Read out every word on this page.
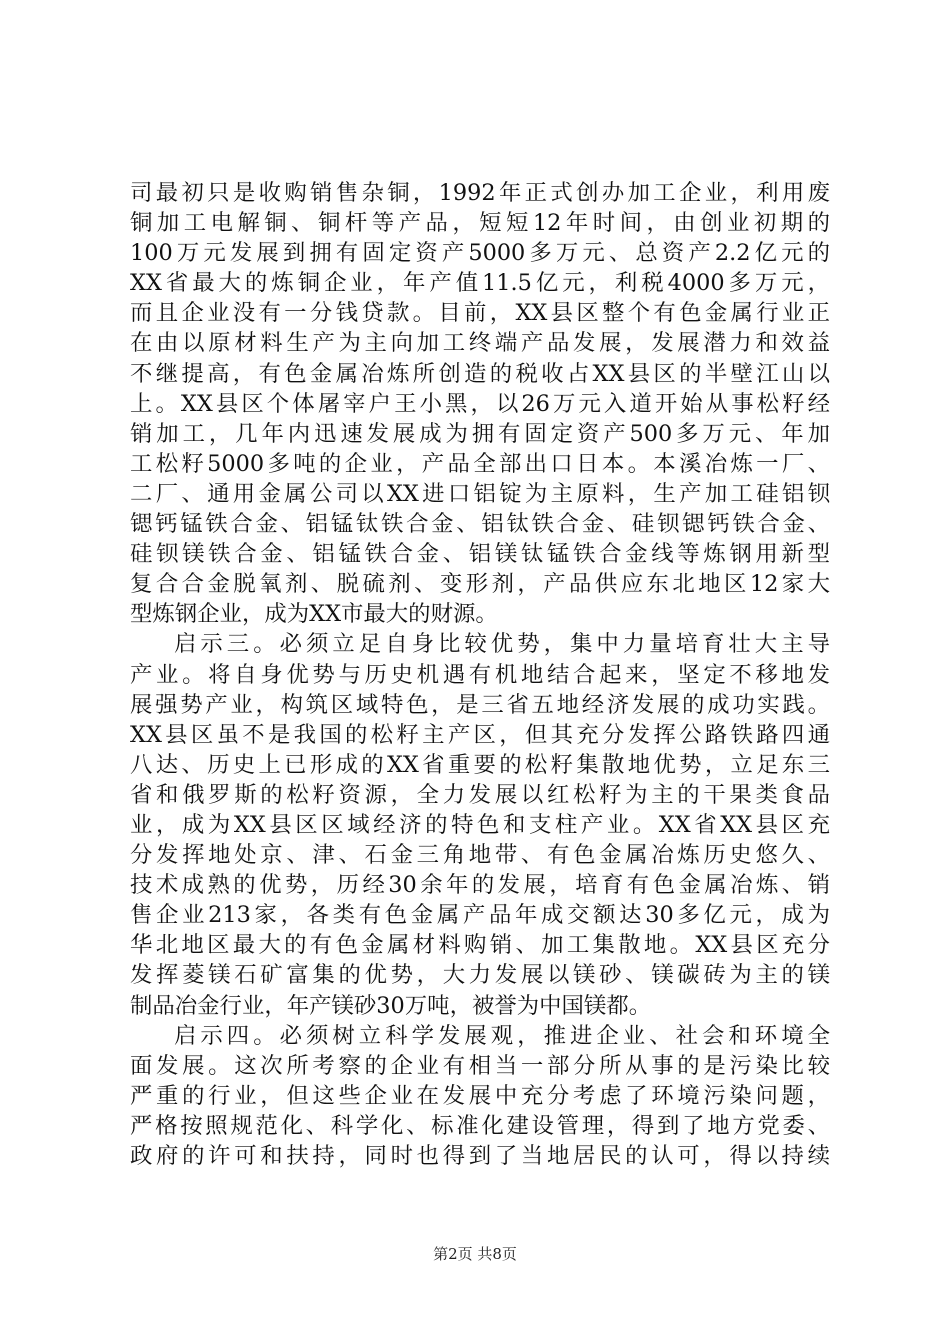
司最初只是收购销售杂铜，1992年正式创办加工企业，利用废
铜加工电解铜、铜杆等产品，短短12年时间，由创业初期的
100万元发展到拥有固定资产5000多万元、总资产2.2亿元的
XX省最大的炼铜企业，年产值11.5亿元，利税4000多万元，
而且企业没有一分钱贷款。目前，XX县区整个有色金属行业正
在由以原材料生产为主向加工终端产品发展，发展潜力和效益
不继提高，有色金属冶炼所创造的税收占XX县区的半壁江山以
上。XX县区个体屠宰户王小黑，以26万元入道开始从事松籽经
销加工，几年内迅速发展成为拥有固定资产500多万元、年加
工松籽5000多吨的企业，产品全部出口日本。本溪冶炼一厂、
二厂、通用金属公司以XX进口铝锭为主原料，生产加工硅铝钡
锶钙锰铁合金、铝锰钛铁合金、铝钛铁合金、硅钡锶钙铁合金、
硅钡镁铁合金、铝锰铁合金、铝镁钛锰铁合金线等炼钢用新型
复合合金脱氧剂、脱硫剂、变形剂，产品供应东北地区12家大
型炼钢企业，成为XX市最大的财源。
启示三。必须立足自身比较优势，集中力量培育壮大主导
产业。将自身优势与历史机遇有机地结合起来，坚定不移地发
展强势产业，构筑区域特色，是三省五地经济发展的成功实践。
XX县区虽不是我国的松籽主产区，但其充分发挥公路铁路四通
八达、历史上已形成的XX省重要的松籽集散地优势，立足东三
省和俄罗斯的松籽资源，全力发展以红松籽为主的干果类食品
业，成为XX县区区域经济的特色和支柱产业。XX省XX县区充
分发挥地处京、津、石金三角地带、有色金属冶炼历史悠久、
技术成熟的优势，历经30余年的发展，培育有色金属冶炼、销
售企业213家，各类有色金属产品年成交额达30多亿元，成为
华北地区最大的有色金属材料购销、加工集散地。XX县区充分
发挥菱镁石矿富集的优势，大力发展以镁砂、镁碳砖为主的镁
制品冶金行业，年产镁砂30万吨，被誉为中国镁都。
启示四。必须树立科学发展观，推进企业、社会和环境全
面发展。这次所考察的企业有相当一部分所从事的是污染比较
严重的行业，但这些企业在发展中充分考虑了环境污染问题，
严格按照规范化、科学化、标准化建设管理，得到了地方党委、
政府的许可和扶持，同时也得到了当地居民的认可，得以持续
第2页 共8页
